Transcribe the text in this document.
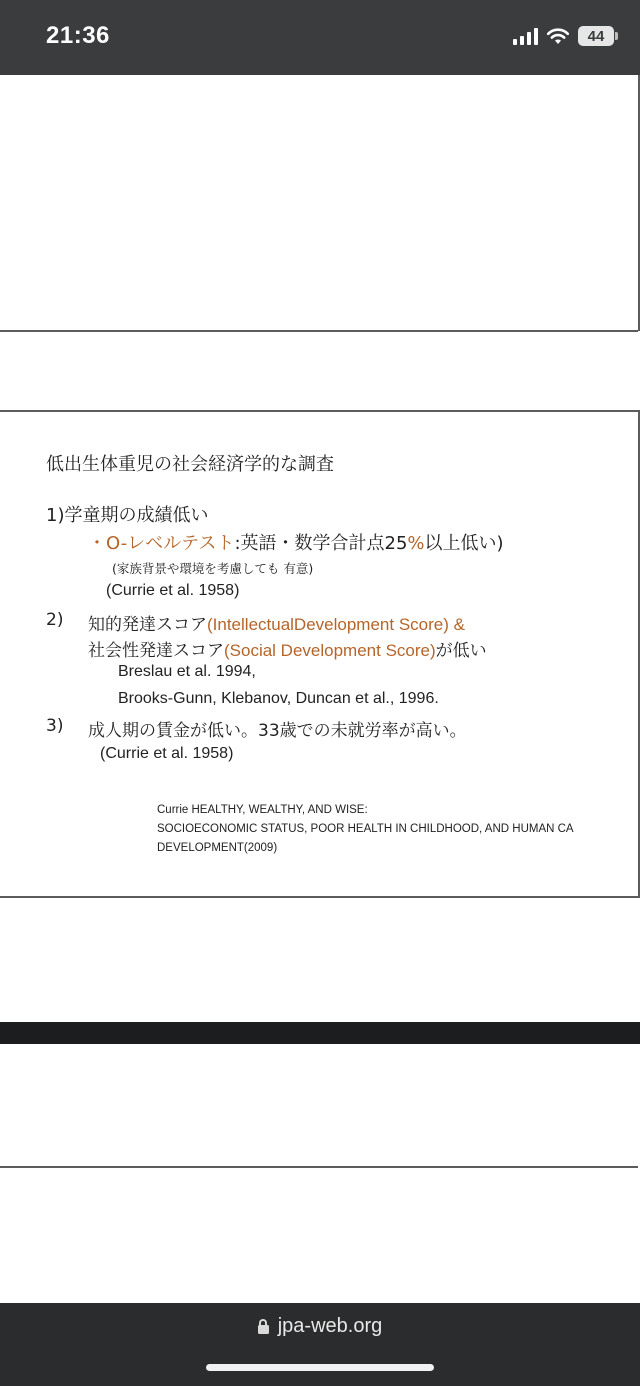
21:36	44
低出生体重児の社会経済学的な調査
1)学童期の成績低い
・O-レベルテスト:英語・数学合計点25%以上低い)
(家族背景や環境を考慮しても 有意)
(Currie et al. 1958)
2) 知的発達スコア(IntellectualDevelopment Score) &
社会性発達スコア(Social Development Score)が低い
Breslau et al. 1994,
Brooks-Gunn, Klebanov, Duncan et al., 1996.
3) 成人期の賃金が低い。33歳での未就労率が高い。
(Currie et al. 1958)
Currie HEALTHY, WEALTHY, AND WISE:
SOCIOECONOMIC STATUS, POOR HEALTH IN CHILDHOOD, AND HUMAN CA
DEVELOPMENT(2009)
jpa-web.org
